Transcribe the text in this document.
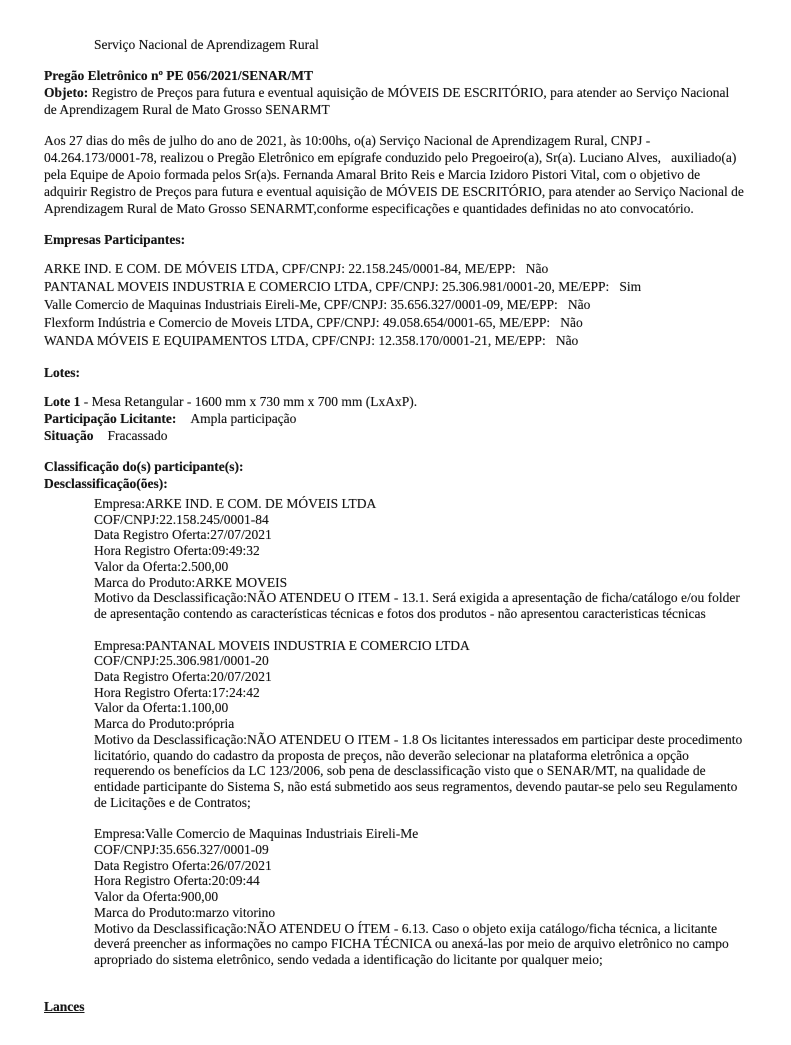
Serviço Nacional de Aprendizagem Rural

Pregão Eletrônico nº PE 056/2021/SENAR/MT

Objeto: Registro de Preços para futura e eventual aquisição de MÓVEIS DE ESCRITÓRIO, para atender ao Serviço Nacional de Aprendizagem Rural de Mato Grosso SENARMT

Aos 27 dias do mês de julho do ano de 2021, às 10:00hs, o(a) Serviço Nacional de Aprendizagem Rural, CNPJ - 04.264.173/0001-78, realizou o Pregão Eletrônico em epígrafe conduzido pelo Pregoeiro(a), Sr(a). Luciano Alves,   auxiliado(a) pela Equipe de Apoio formada pelos Sr(a)s. Fernanda Amaral Brito Reis e Marcia Izidoro Pistori Vital, com o objetivo de adquirir Registro de Preços para futura e eventual aquisição de MÓVEIS DE ESCRITÓRIO, para atender ao Serviço Nacional de Aprendizagem Rural de Mato Grosso SENARMT,conforme especificações e quantidades definidas no ato convocatório.

Empresas Participantes:

ARKE IND. E COM. DE MÓVEIS LTDA, CPF/CNPJ: 22.158.245/0001-84, ME/EPP:   Não

PANTANAL MOVEIS INDUSTRIA E COMERCIO LTDA, CPF/CNPJ: 25.306.981/0001-20, ME/EPP:   Sim

Valle Comercio de Maquinas Industriais Eireli-Me, CPF/CNPJ: 35.656.327/0001-09, ME/EPP:   Não

Flexform Indústria e Comercio de Moveis LTDA, CPF/CNPJ: 49.058.654/0001-65, ME/EPP:   Não

WANDA MÓVEIS E EQUIPAMENTOS LTDA, CPF/CNPJ: 12.358.170/0001-21, ME/EPP:   Não

Lotes:

Lote 1 - Mesa Retangular - 1600 mm x 730 mm x 700 mm (LxAxP).

Participação Licitante: Ampla participação

Situação Fracassado

Classificação do(s) participante(s):

Desclassificação(ões):

Empresa:ARKE IND. E COM. DE MÓVEIS LTDA

COF/CNPJ:22.158.245/0001-84

Data Registro Oferta:27/07/2021

Hora Registro Oferta:09:49:32

Valor da Oferta:2.500,00

Marca do Produto:ARKE MOVEIS

Motivo da Desclassificação:NÃO ATENDEU O ITEM - 13.1. Será exigida a apresentação de ficha/catálogo e/ou folder de apresentação contendo as características técnicas e fotos dos produtos - não apresentou caracteristicas técnicas

Empresa:PANTANAL MOVEIS INDUSTRIA E COMERCIO LTDA

COF/CNPJ:25.306.981/0001-20

Data Registro Oferta:20/07/2021

Hora Registro Oferta:17:24:42

Valor da Oferta:1.100,00

Marca do Produto:própria

Motivo da Desclassificação:NÃO ATENDEU O ITEM - 1.8 Os licitantes interessados em participar deste procedimento licitatório, quando do cadastro da proposta de preços, não deverão selecionar na plataforma eletrônica a opção requerendo os benefícios da LC 123/2006, sob pena de desclassificação visto que o SENAR/MT, na qualidade de entidade participante do Sistema S, não está submetido aos seus regramentos, devendo pautar-se pelo seu Regulamento de Licitações e de Contratos;

Empresa:Valle Comercio de Maquinas Industriais Eireli-Me

COF/CNPJ:35.656.327/0001-09

Data Registro Oferta:26/07/2021

Hora Registro Oferta:20:09:44

Valor da Oferta:900,00

Marca do Produto:marzo vitorino

Motivo da Desclassificação:NÃO ATENDEU O ÍTEM - 6.13. Caso o objeto exija catálogo/ficha técnica, a licitante deverá preencher as informações no campo FICHA TÉCNICA ou anexá-las por meio de arquivo eletrônico no campo apropriado do sistema eletrônico, sendo vedada a identificação do licitante por qualquer meio;

Lances
